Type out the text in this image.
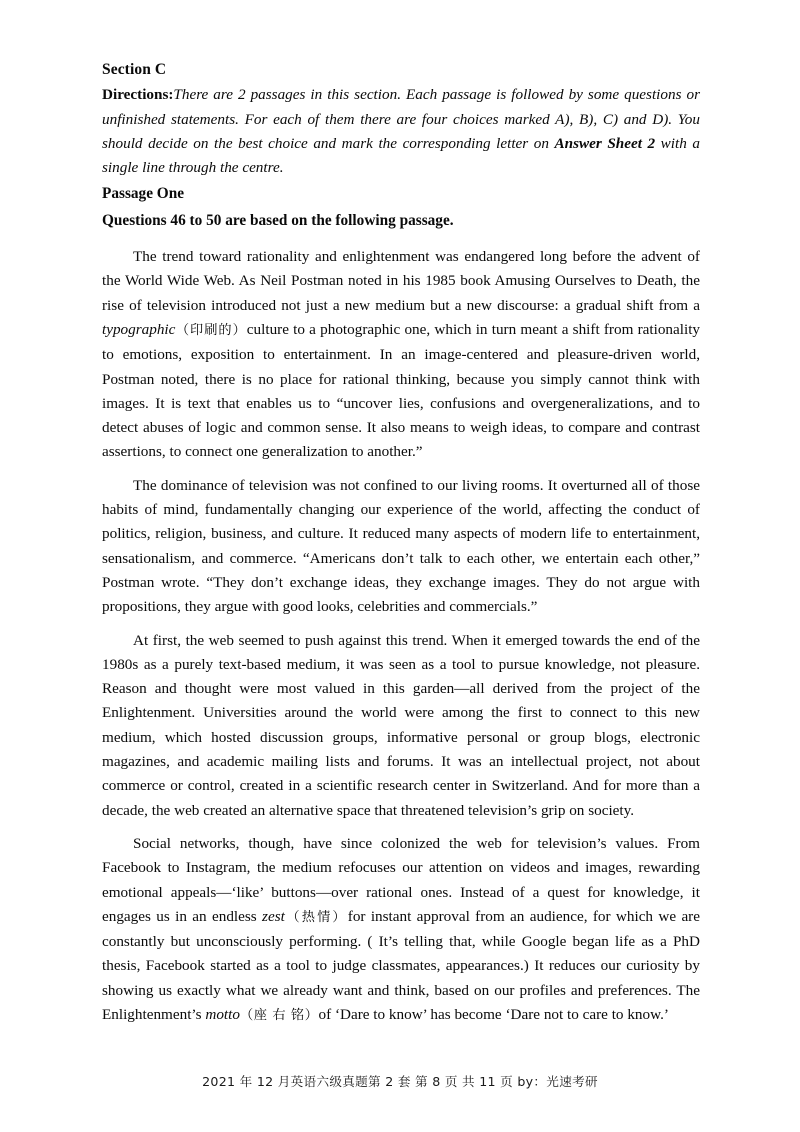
Section C

Directions:There are 2 passages in this section. Each passage is followed by some questions or unfinished statements. For each of them there are four choices marked A), B), C) and D). You should decide on the best choice and mark the corresponding letter on Answer Sheet 2 with a single line through the centre.

Passage One
Questions 46 to 50 are based on the following passage.

The trend toward rationality and enlightenment was endangered long before the advent of the World Wide Web. As Neil Postman noted in his 1985 book Amusing Ourselves to Death, the rise of television introduced not just a new medium but a new discourse: a gradual shift from a typographic（印刷的）culture to a photographic one, which in turn meant a shift from rationality to emotions, exposition to entertainment. In an image-centered and pleasure-driven world, Postman noted, there is no place for rational thinking, because you simply cannot think with images. It is text that enables us to “uncover lies, confusions and overgeneralizations, and to detect abuses of logic and common sense. It also means to weigh ideas, to compare and contrast assertions, to connect one generalization to another.”

The dominance of television was not confined to our living rooms. It overturned all of those habits of mind, fundamentally changing our experience of the world, affecting the conduct of politics, religion, business, and culture. It reduced many aspects of modern life to entertainment, sensationalism, and commerce. “Americans don’t talk to each other, we entertain each other,” Postman wrote. “They don’t exchange ideas, they exchange images. They do not argue with propositions, they argue with good looks, celebrities and commercials.”

At first, the web seemed to push against this trend. When it emerged towards the end of the 1980s as a purely text-based medium, it was seen as a tool to pursue knowledge, not pleasure. Reason and thought were most valued in this garden—all derived from the project of the Enlightenment. Universities around the world were among the first to connect to this new medium, which hosted discussion groups, informative personal or group blogs, electronic magazines, and academic mailing lists and forums. It was an intellectual project, not about commerce or control, created in a scientific research center in Switzerland. And for more than a decade, the web created an alternative space that threatened television’s grip on society.

Social networks, though, have since colonized the web for television’s values. From Facebook to Instagram, the medium refocuses our attention on videos and images, rewarding emotional appeals—‘like’ buttons—over rational ones. Instead of a quest for knowledge, it engages us in an endless zest（热情）for instant approval from an audience, for which we are constantly but unconsciously performing. ( It’s telling that, while Google began life as a PhD thesis, Facebook started as a tool to judge classmates, appearances.) It reduces our curiosity by showing us exactly what we already want and think, based on our profiles and preferences. The Enlightenment’s motto（座 右 铭）of ‘Dare to know’ has become ‘Dare not to care to know.’

2021 年 12 月英语六级真题第 2 套 第 8 页 共 11 页 by：光速考研
